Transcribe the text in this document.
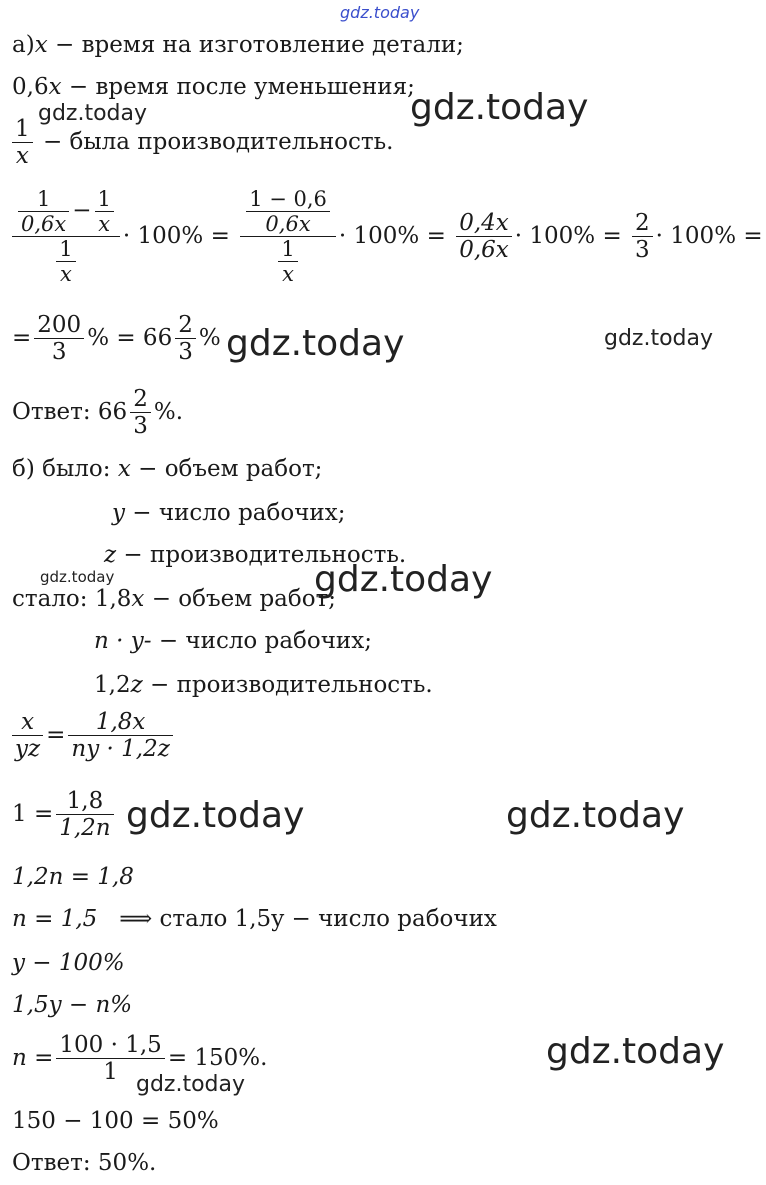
gdz.today
gdz.today	gdz.today
gdz.today	gdz.today
gdz.today	gdz.today
gdz.today	gdz.today
gdz.today
gdz.today
а)x − время на изготовление детали;
0,6x − время после уменьшения;
$\frac{1}{x}$ − была производительность.
$\frac{\frac{1}{0,6x} - \frac{1}{x}}{\frac{1}{x}} \cdot 100\% = \frac{\frac{1 - 0,6}{0,6x}}{\frac{1}{x}} \cdot 100\% = \frac{0,4x}{0,6x} \cdot 100\% = \frac{2}{3} \cdot 100\%$ =
= $\frac{200}{3}$ % = $66 \frac{2}{3}$ %
Ответ: $66 \frac{2}{3}$ %.
б) было: x − объем работ;
y − число рабочих;
z − производительность.
стало: 1,8x − объем работ;
n · y- − число рабочих;
1,2z − производительность.
$\frac{x}{yz} = \frac{1,8x}{ny \cdot 1,2z}$
$1 = \frac{1,8}{1,2n}$
1,2n = 1,8
n = 1,5 ⟹ стало 1,5y − число рабочих
y − 100%
1,5y − n%
$n = \frac{100 \cdot 1,5}{1} = 150\%$.
150 − 100 = 50%
Ответ: 50%.
